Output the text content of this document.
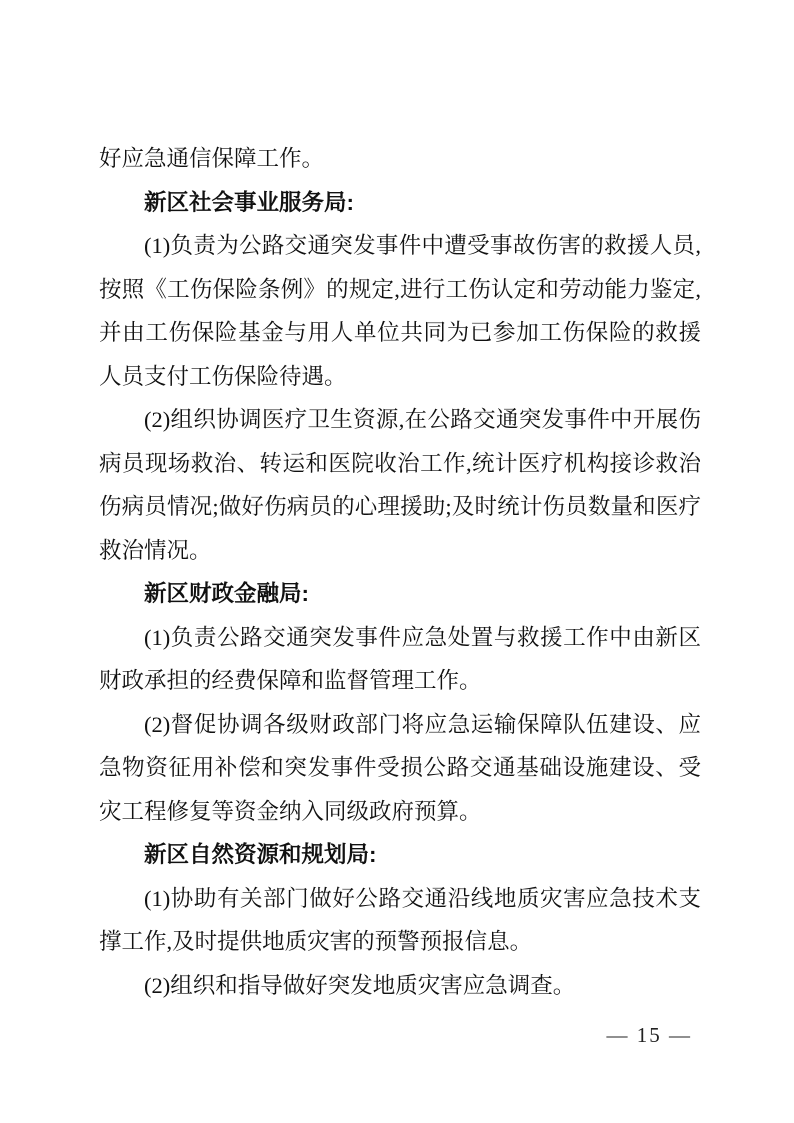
好应急通信保障工作。

新区社会事业服务局:

(1)负责为公路交通突发事件中遭受事故伤害的救援人员,按照《工伤保险条例》的规定,进行工伤认定和劳动能力鉴定,并由工伤保险基金与用人单位共同为已参加工伤保险的救援人员支付工伤保险待遇。

(2)组织协调医疗卫生资源,在公路交通突发事件中开展伤病员现场救治、转运和医院收治工作,统计医疗机构接诊救治伤病员情况;做好伤病员的心理援助;及时统计伤员数量和医疗救治情况。

新区财政金融局:

(1)负责公路交通突发事件应急处置与救援工作中由新区财政承担的经费保障和监督管理工作。

(2)督促协调各级财政部门将应急运输保障队伍建设、应急物资征用补偿和突发事件受损公路交通基础设施建设、受灾工程修复等资金纳入同级政府预算。

新区自然资源和规划局:

(1)协助有关部门做好公路交通沿线地质灾害应急技术支撑工作,及时提供地质灾害的预警预报信息。

(2)组织和指导做好突发地质灾害应急调查。

— 15 —
